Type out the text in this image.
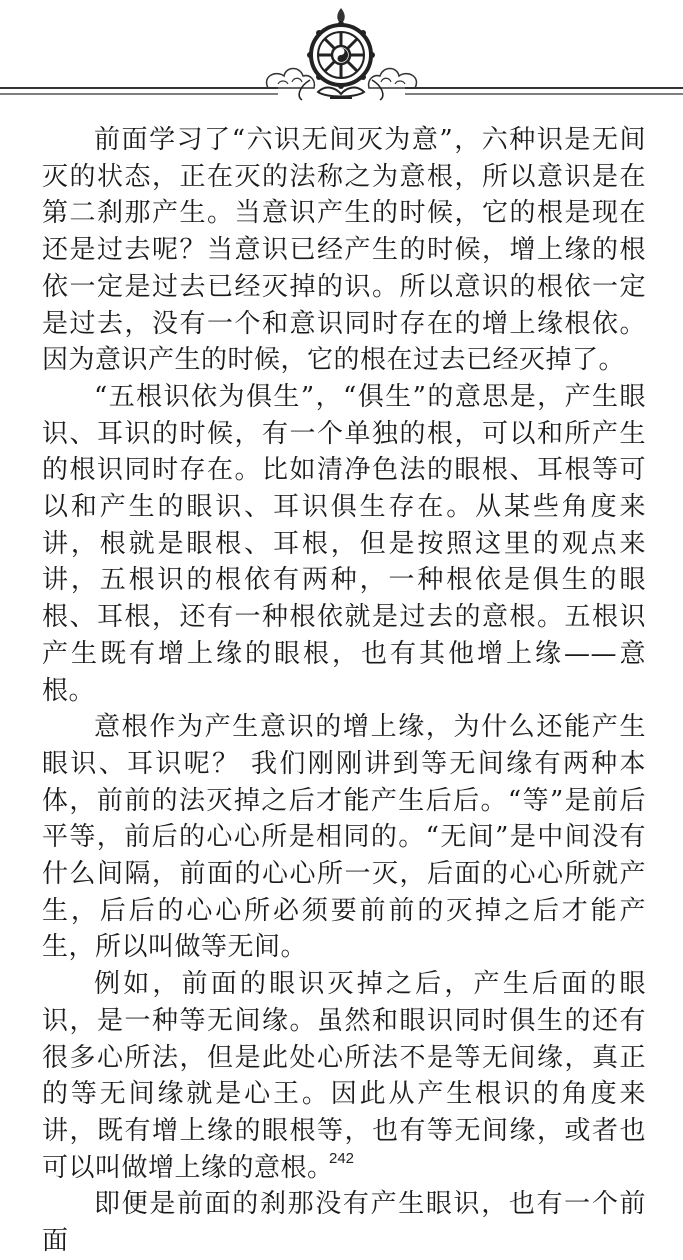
前面学习了“六识无间灭为意”，六种识是无间灭的状态，正在灭的法称之为意根，所以意识是在第二刹那产生。当意识产生的时候，它的根是现在还是过去呢？当意识已经产生的时候，增上缘的根依一定是过去已经灭掉的识。所以意识的根依一定是过去，没有一个和意识同时存在的增上缘根依。因为意识产生的时候，它的根在过去已经灭掉了。

“五根识依为俱生”，“俱生”的意思是，产生眼识、耳识的时候，有一个单独的根，可以和所产生的根识同时存在。比如清净色法的眼根、耳根等可以和产生的眼识、耳识俱生存在。从某些角度来讲，根就是眼根、耳根，但是按照这里的观点来讲，五根识的根依有两种，一种根依是俱生的眼根、耳根，还有一种根依就是过去的意根。五根识产生既有增上缘的眼根，也有其他增上缘——意根。

意根作为产生意识的增上缘，为什么还能产生眼识、耳识呢？ 我们刚刚讲到等无间缘有两种本体，前前的法灭掉之后才能产生后后。“等”是前后平等，前后的心心所是相同的。“无间”是中间没有什么间隔，前面的心心所一灭，后面的心心所就产生，后后的心心所必须要前前的灭掉之后才能产生，所以叫做等无间。

例如，前面的眼识灭掉之后，产生后面的眼识，是一种等无间缘。虽然和眼识同时俱生的还有很多心所法，但是此处心所法不是等无间缘，真正的等无间缘就是心王。因此从产生根识的角度来讲，既有增上缘的眼根等，也有等无间缘，或者也可以叫做增上缘的意根。

即便是前面的刹那没有产生眼识，也有一个前面

242
